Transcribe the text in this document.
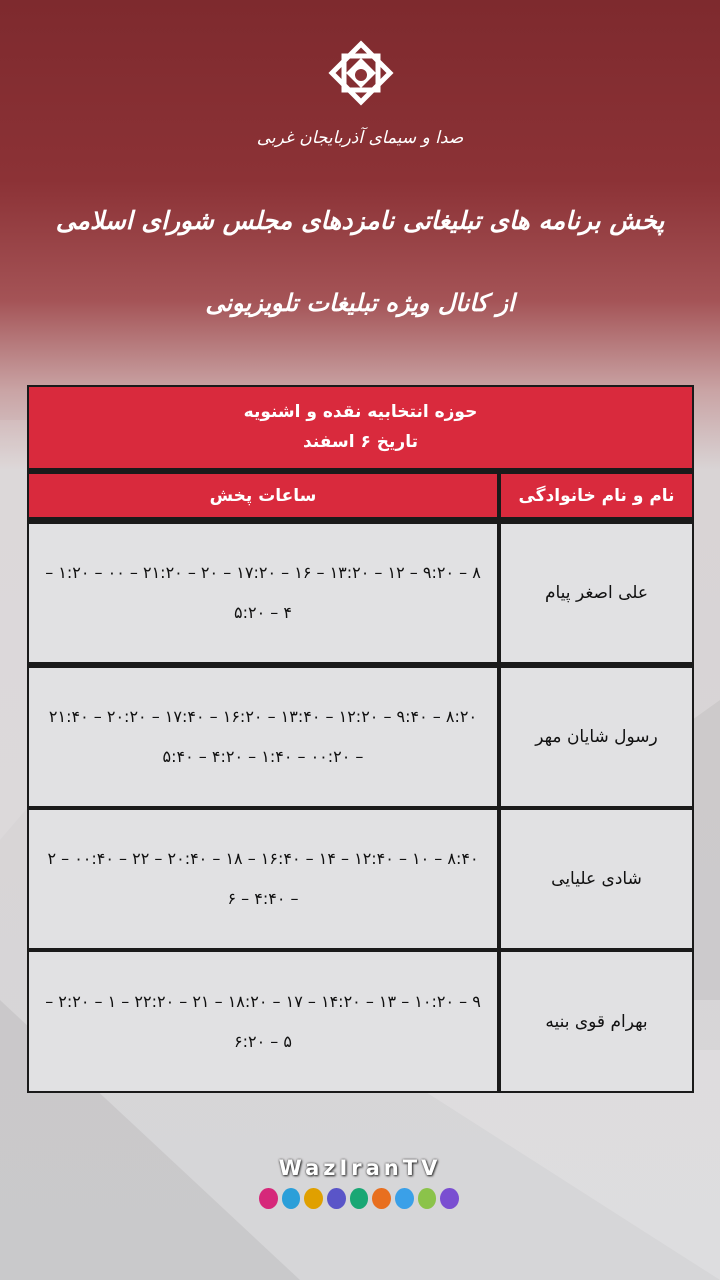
صدا و سیمای آذربایجان غربی
پخش برنامه های تبلیغاتی نامزدهای مجلس شورای اسلامی
از کانال ویژه تبلیغات تلویزیونی
حوزه انتخابیه نقده و اشنویه
تاریخ ۶ اسفند
نام و نام خانوادگی
ساعات پخش
علی اصغر پیام
۸ – ۹:۲۰ – ۱۲ – ۱۳:۲۰ – ۱۶ – ۱۷:۲۰ – ۲۰ – ۲۱:۲۰ – ۰۰ – ۱:۲۰ – ۴ – ۵:۲۰
رسول شایان مهر
۸:۲۰ – ۹:۴۰ – ۱۲:۲۰ – ۱۳:۴۰ – ۱۶:۲۰ – ۱۷:۴۰ – ۲۰:۲۰ – ۲۱:۴۰ – ۰۰:۲۰ – ۱:۴۰ – ۴:۲۰ – ۵:۴۰
شادی علیایی
۸:۴۰ – ۱۰ – ۱۲:۴۰ – ۱۴ – ۱۶:۴۰ – ۱۸ – ۲۰:۴۰ – ۲۲ – ۰۰:۴۰ – ۲ – ۴:۴۰ – ۶
بهرام قوی بنیه
۹ – ۱۰:۲۰ – ۱۳ – ۱۴:۲۰ – ۱۷ – ۱۸:۲۰ – ۲۱ – ۲۲:۲۰ – ۱ – ۲:۲۰ – ۵ – ۶:۲۰
WazIranTV
